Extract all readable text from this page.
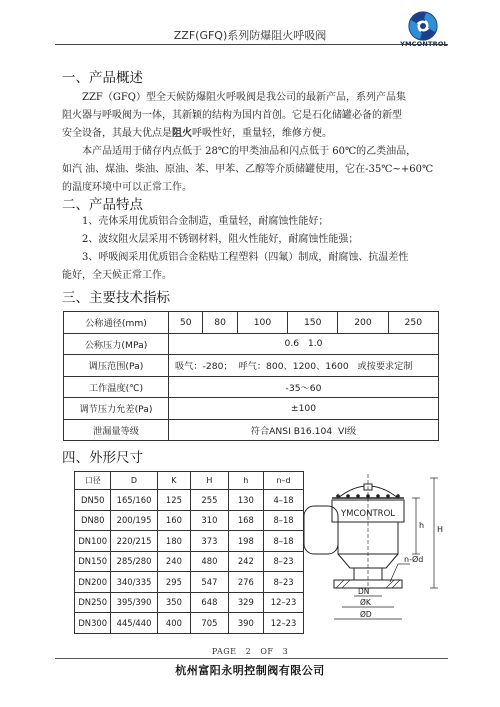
ZZF(GFQ)系列防爆阻火呼吸阀
YMCONTROL
一、产品概述
ZZF（GFQ）型全天候防爆阻火呼吸阀是我公司的最新产品，系列产品集
阻火器与呼吸阀为一体，其新颖的结构为国内首创。它是石化储罐必备的新型
安全设备，其最大优点是阻火呼吸性好，重量轻，维修方便。
本产品适用于储存内点低于 28℃的甲类油品和闪点低于 60℃的乙类油品，
如汽 油、煤油、柴油、原油、苯、甲苯、乙醇等介质储罐使用，它在-35℃~+60℃
的温度环境中可以正常工作。
二、产品特点
1、壳体采用优质铝合金制造，重量轻，耐腐蚀性能好；
2、波纹阻火层采用不锈钢材料，阻火性能好，耐腐蚀性能强；
3、呼吸阀采用优质铝合金粘贴工程塑料（四氟）制成，耐腐蚀、抗温差性
能好，全天候正常工作。
三、主要技术指标
公称通径(mm)	50	80	100	150	200	250
公称压力(MPa)	0.6   1.0					
调压范围(Pa)	吸气：-280；  呼气：800、1200、1600   或按要求定制					
工作温度(℃)	-35～60					
调节压力允差(Pa)	±100					
泄漏量等级	符合ANSI B16.104  VI级					
四、外形尺寸
口径	D	K	H	h	n–d
DN50	165/160	125	255	130	4–18
DN80	200/195	160	310	168	8–18
DN100	220/215	180	373	198	8–18
DN150	285/280	240	480	242	8–23
DN200	340/335	295	547	276	8–23
DN250	395/390	350	648	329	12–23
DN300	445/440	400	705	390	12–23
YMCONTROL
h H
n-Ød
DN
ØK
ØD
PAGE   2   OF   3
杭州富阳永明控制阀有限公司
